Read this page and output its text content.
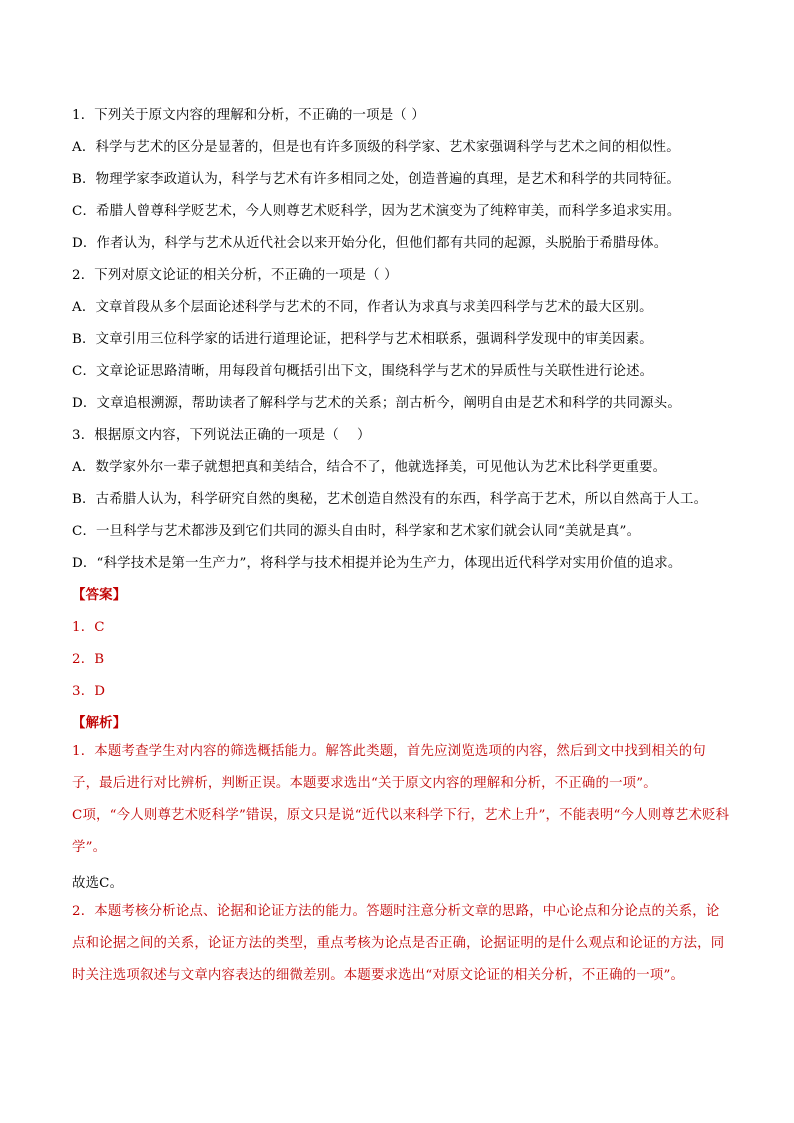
1．下列关于原文内容的理解和分析，不正确的一项是（ ）
A．科学与艺术的区分是显著的，但是也有许多顶级的科学家、艺术家强调科学与艺术之间的相似性。
B．物理学家李政道认为，科学与艺术有许多相同之处，创造普遍的真理，是艺术和科学的共同特征。
C．希腊人曾尊科学贬艺术，今人则尊艺术贬科学，因为艺术演变为了纯粹审美，而科学多追求实用。
D．作者认为，科学与艺术从近代社会以来开始分化，但他们都有共同的起源，头脱胎于希腊母体。
2．下列对原文论证的相关分析，不正确的一项是（ ）
A．文章首段从多个层面论述科学与艺术的不同，作者认为求真与求美四科学与艺术的最大区别。
B．文章引用三位科学家的话进行道理论证，把科学与艺术相联系，强调科学发现中的审美因素。
C．文章论证思路清晰，用每段首句概括引出下文，围绕科学与艺术的异质性与关联性进行论述。
D．文章追根溯源，帮助读者了解科学与艺术的关系；剖古析今，阐明自由是艺术和科学的共同源头。
3．根据原文内容，下列说法正确的一项是（　 ）
A．数学家外尔一辈子就想把真和美结合，结合不了，他就选择美，可见他认为艺术比科学更重要。
B．古希腊人认为，科学研究自然的奥秘，艺术创造自然没有的东西，科学高于艺术，所以自然高于人工。
C．一旦科学与艺术都涉及到它们共同的源头自由时，科学家和艺术家们就会认同“美就是真”。
D．“科学技术是第一生产力”，将科学与技术相提并论为生产力，体现出近代科学对实用价值的追求。
【答案】
1．C
2．B
3．D
【解析】
1．本题考查学生对内容的筛选概括能力。解答此类题，首先应浏览选项的内容，然后到文中找到相关的句子，最后进行对比辨析，判断正误。本题要求选出“关于原文内容的理解和分析，不正确的一项”。
C项，“今人则尊艺术贬科学”错误，原文只是说“近代以来科学下行，艺术上升”，不能表明“今人则尊艺术贬科学”。
故选C。
2．本题考核分析论点、论据和论证方法的能力。答题时注意分析文章的思路，中心论点和分论点的关系，论点和论据之间的关系，论证方法的类型，重点考核为论点是否正确，论据证明的是什么观点和论证的方法，同时关注选项叙述与文章内容表达的细微差别。本题要求选出“对原文论证的相关分析，不正确的一项”。
